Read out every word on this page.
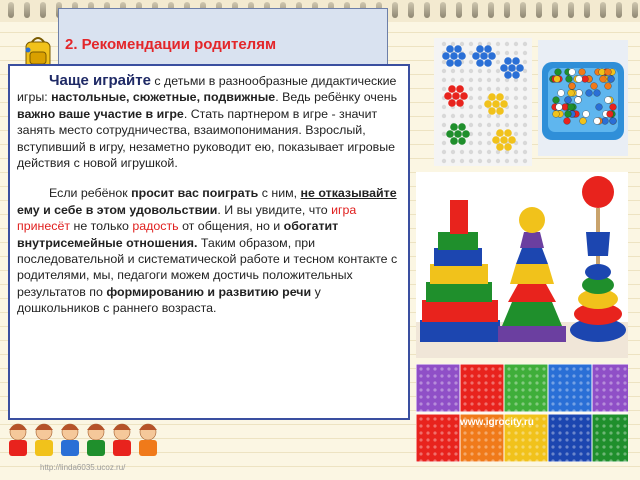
2. Рекомендации родителям

Чаще играйте с детьми в разнообразные дидактические игры: настольные, сюжетные, подвижные. Ведь ребёнку очень важно ваше участие в игре. Стать партнером в игре - значит занять место сотрудничества, взаимопонимания. Взрослый, вступивший в игру, незаметно руководит ею, показывает игровые действия с новой игрушкой.

Если ребёнок просит вас поиграть с ним, не отказывайте ему и себе в этом удовольствии. И вы увидите, что игра принесёт не только радость от общения, но и обогатит внутрисемейные отношения. Таким образом, при последовательной и систематической работе и тесном контакте с родителями, мы, педагоги можем достичь положительных результатов по формированию и развитию речи у дошкольников с раннего возраста.

http://linda6035.ucoz.ru/
www.igrocity.ru
